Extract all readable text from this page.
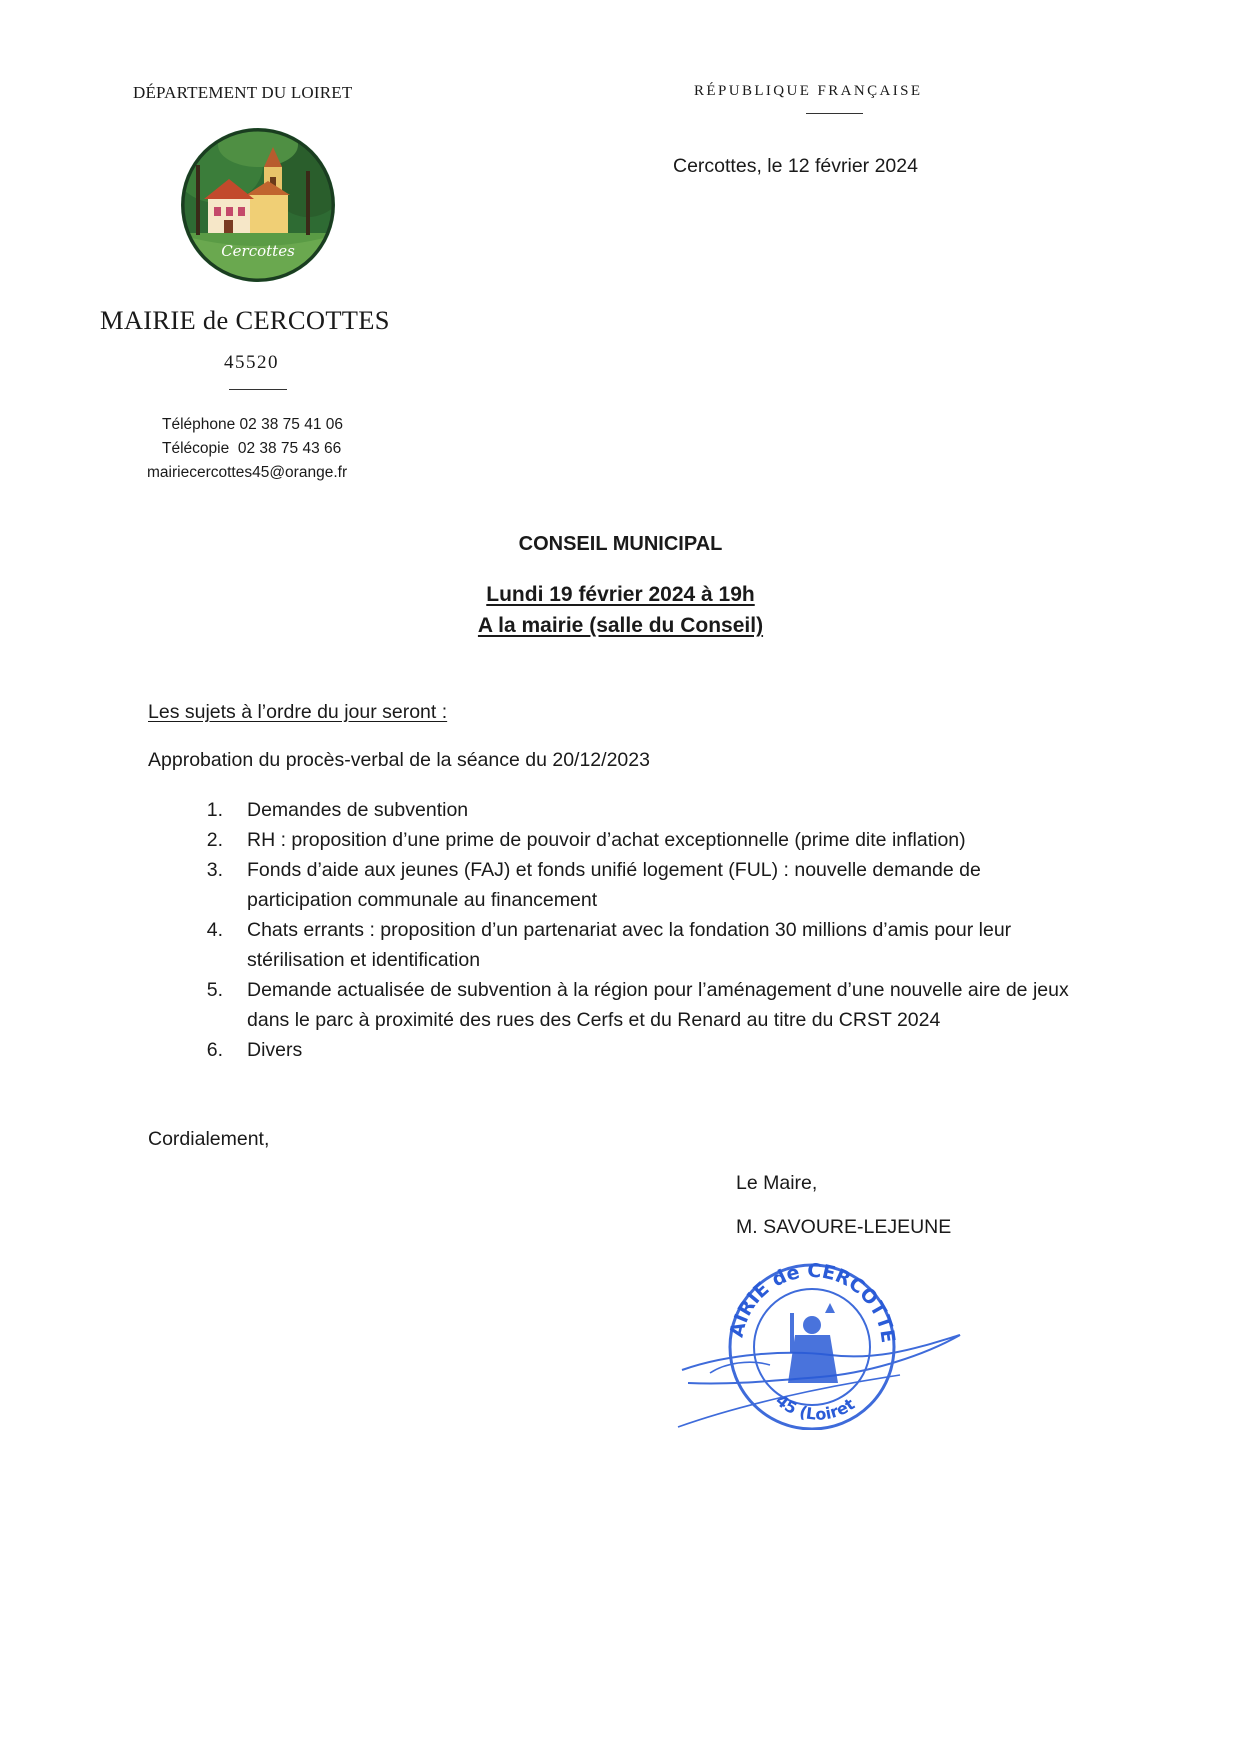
DÉPARTEMENT DU LOIRET	RÉPUBLIQUE FRANÇAISE
Cercottes, le 12 février 2024
Cercottes
MAIRIE de CERCOTTES
45520
Téléphone 02 38 75 41 06
Télécopie  02 38 75 43 66
mairiecercottes45@orange.fr
CONSEIL MUNICIPAL
Lundi 19 février 2024 à 19h
A la mairie (salle du Conseil)
Les sujets à l’ordre du jour seront :
Approbation du procès-verbal de la séance du 20/12/2023
1.	Demandes de subvention
2.	RH : proposition d’une prime de pouvoir d’achat exceptionnelle (prime dite inflation)
3.	Fonds d’aide aux jeunes (FAJ) et fonds unifié logement (FUL) : nouvelle demande de participation communale au financement
4.	Chats errants : proposition d’un partenariat avec la fondation 30 millions d’amis pour leur stérilisation et identification
5.	Demande actualisée de subvention à la région pour l’aménagement d’une nouvelle aire de jeux  dans le parc à proximité des rues des Cerfs et du Renard au titre du CRST 2024
6.	Divers
Cordialement,
Le Maire,
M. SAVOURE-LEJEUNE
AIRIE de CERCOTTE
45 (Loiret
